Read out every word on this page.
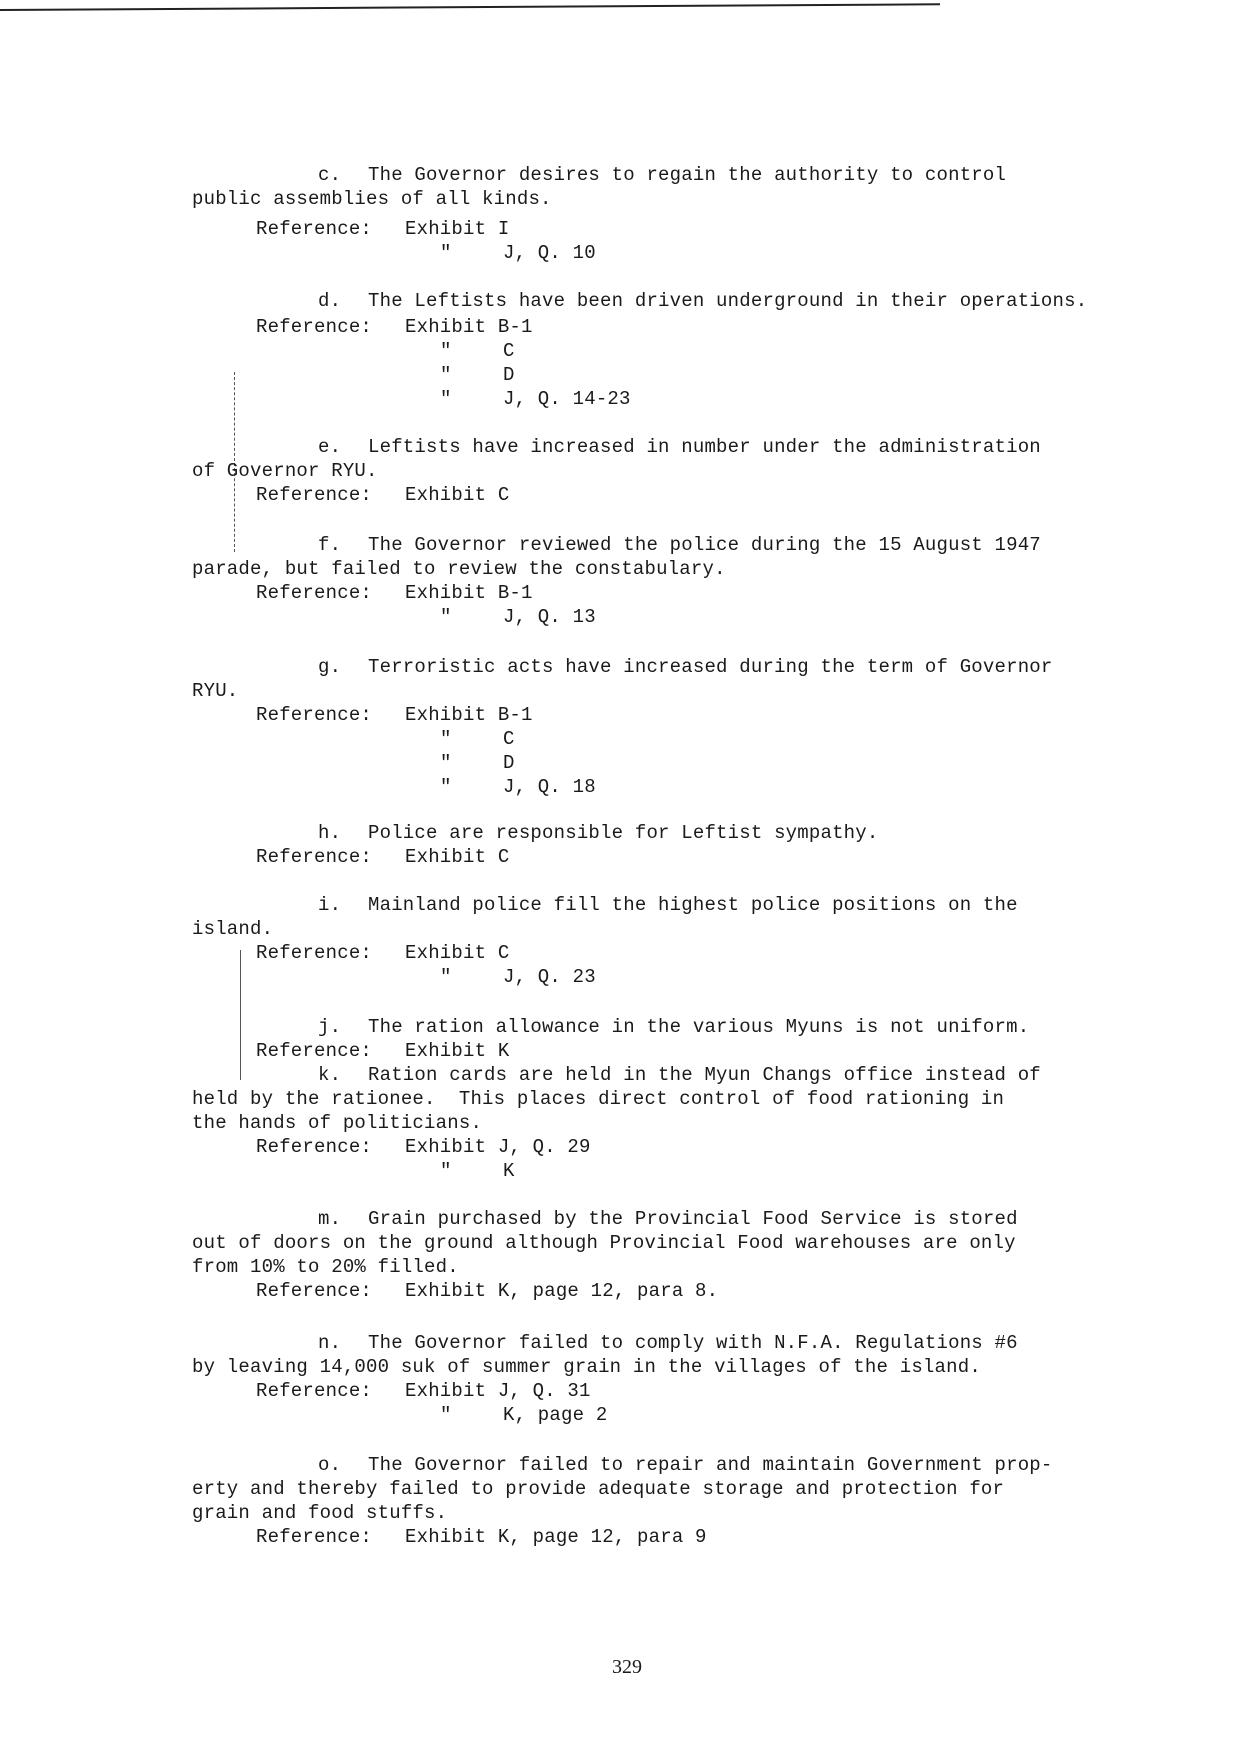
c. The Governor desires to regain the authority to control
public assemblies of all kinds.
Reference: Exhibit I
"	J, Q. 10
d. The Leftists have been driven underground in their operations.
Reference: Exhibit B-1
"	C
"	D
"	J, Q. 14-23
e. Leftists have increased in number under the administration
of Governor RYU.
Reference: Exhibit C
f. The Governor reviewed the police during the 15 August 1947
parade, but failed to review the constabulary.
Reference: Exhibit B-1
"	J, Q. 13
g. Terroristic acts have increased during the term of Governor
RYU.
Reference: Exhibit B-1
"	C
"	D
"	J, Q. 18
h. Police are responsible for Leftist sympathy.
Reference: Exhibit C
i. Mainland police fill the highest police positions on the
island.
Reference: Exhibit C
"	J, Q. 23
j. The ration allowance in the various Myuns is not uniform.
Reference: Exhibit K
k. Ration cards are held in the Myun Changs office instead of
held by the rationee.  This places direct control of food rationing in
the hands of politicians.
Reference: Exhibit J, Q. 29
"	K
m. Grain purchased by the Provincial Food Service is stored
out of doors on the ground although Provincial Food warehouses are only
from 10% to 20% filled.
Reference: Exhibit K, page 12, para 8.
n. The Governor failed to comply with N.F.A. Regulations #6
by leaving 14,000 suk of summer grain in the villages of the island.
Reference: Exhibit J, Q. 31
"	K, page 2
o. The Governor failed to repair and maintain Government prop-
erty and thereby failed to provide adequate storage and protection for
grain and food stuffs.
Reference: Exhibit K, page 12, para 9
329
